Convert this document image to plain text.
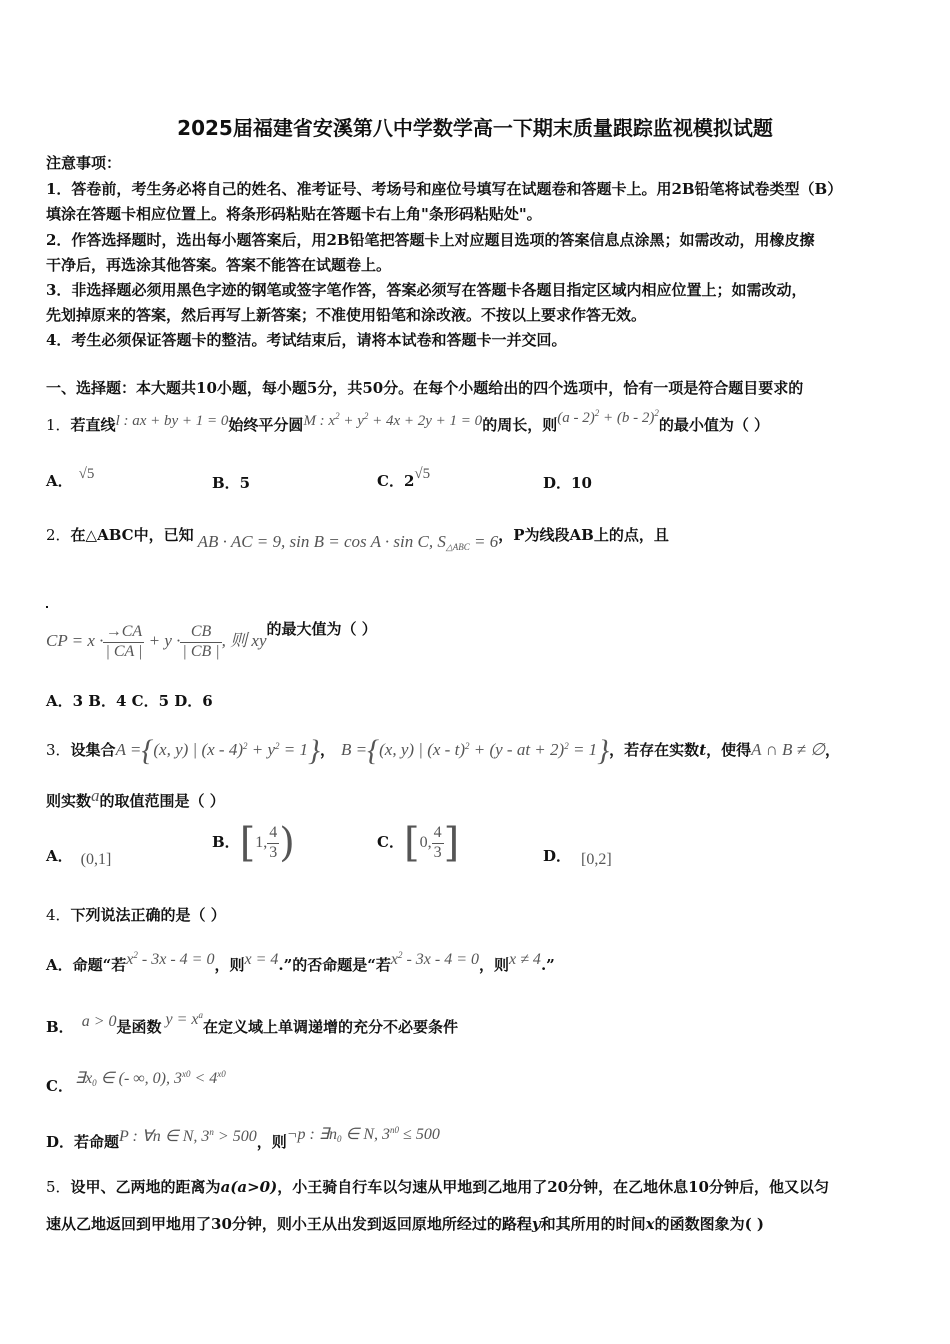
2025届福建省安溪第八中学数学高一下期末质量跟踪监视模拟试题
注意事项：
1．答卷前，考生务必将自己的姓名、准考证号、考场号和座位号填写在试题卷和答题卡上。用2B铅笔将试卷类型（B）
填涂在答题卡相应位置上。将条形码粘贴在答题卡右上角"条形码粘贴处"。
2．作答选择题时，选出每小题答案后，用2B铅笔把答题卡上对应题目选项的答案信息点涂黑；如需改动，用橡皮擦
干净后，再选涂其他答案。答案不能答在试题卷上。
3．非选择题必须用黑色字迹的钢笔或签字笔作答，答案必须写在答题卡各题目指定区域内相应位置上；如需改动，
先划掉原来的答案，然后再写上新答案；不准使用铅笔和涂改液。不按以上要求作答无效。
4．考生必须保证答题卡的整洁。考试结束后，请将本试卷和答题卡一并交回。
一、选择题：本大题共10小题，每小题5分，共50分。在每个小题给出的四个选项中，恰有一项是符合题目要求的
1．若直线l : ax + by + 1 = 0始终平分圆M : $x^2 + y^2 + 4x + 2y + 1 = 0$的周长，则(a - 2)$^2$ + (b - 2)$^2$的最小值为（ ）
A． √5	B．5	C．2√5	D．10
2．在△ABC中，已知 AB · AC = 9, sin B = cos A · sin C, $S_{\triangle ABC} = 6$，P为线段AB上的点，且
CP = $x \cdot \frac{\to CA}{| CA |} + y \cdot \frac{CB}{| CB |}$ , 则 xy的最大值为（ ）
A．3 B．4 C．5 D．6
3．设集合A ={(x, y) | $(x - 4)^2 + y^2 = 1$}， B ={(x, y) | (x - t)$^2$ + (y - at + 2)$^2$ = 1}，若存在实数t，使得A ∩ B ≠ ∅，
则实数a的取值范围是（ ）
A． (0,1]
B．[1, $\frac{4}{3}$ )	C．[0, $\frac{4}{3}$ ]	D． [0,2]
4．下列说法正确的是（ ）
A．命题“若$x^2 - 3x - 4 = 0$，则x = 4.”的否命题是“若$x^2 - 3x - 4 = 0$，则x ≠ 4.”
B． a > 0是函数 $y = x^a$在定义域上单调递增的充分不必要条件
C． $\exists x_0$ ∈ (- ∞, 0), $3^{x0} < 4^{x0}$
D．若命题P : ∀n ∈ N, $3^n > 500$，则¬p : $\exists n_0$ ∈ N, $3^{n0} \le 500$
5．设甲、乙两地的距离为a(a>0)，小王骑自行车以匀速从甲地到乙地用了20分钟，在乙地休息10分钟后，他又以匀
速从乙地返回到甲地用了30分钟，则小王从出发到返回原地所经过的路程y和其所用的时间x的函数图象为( )
